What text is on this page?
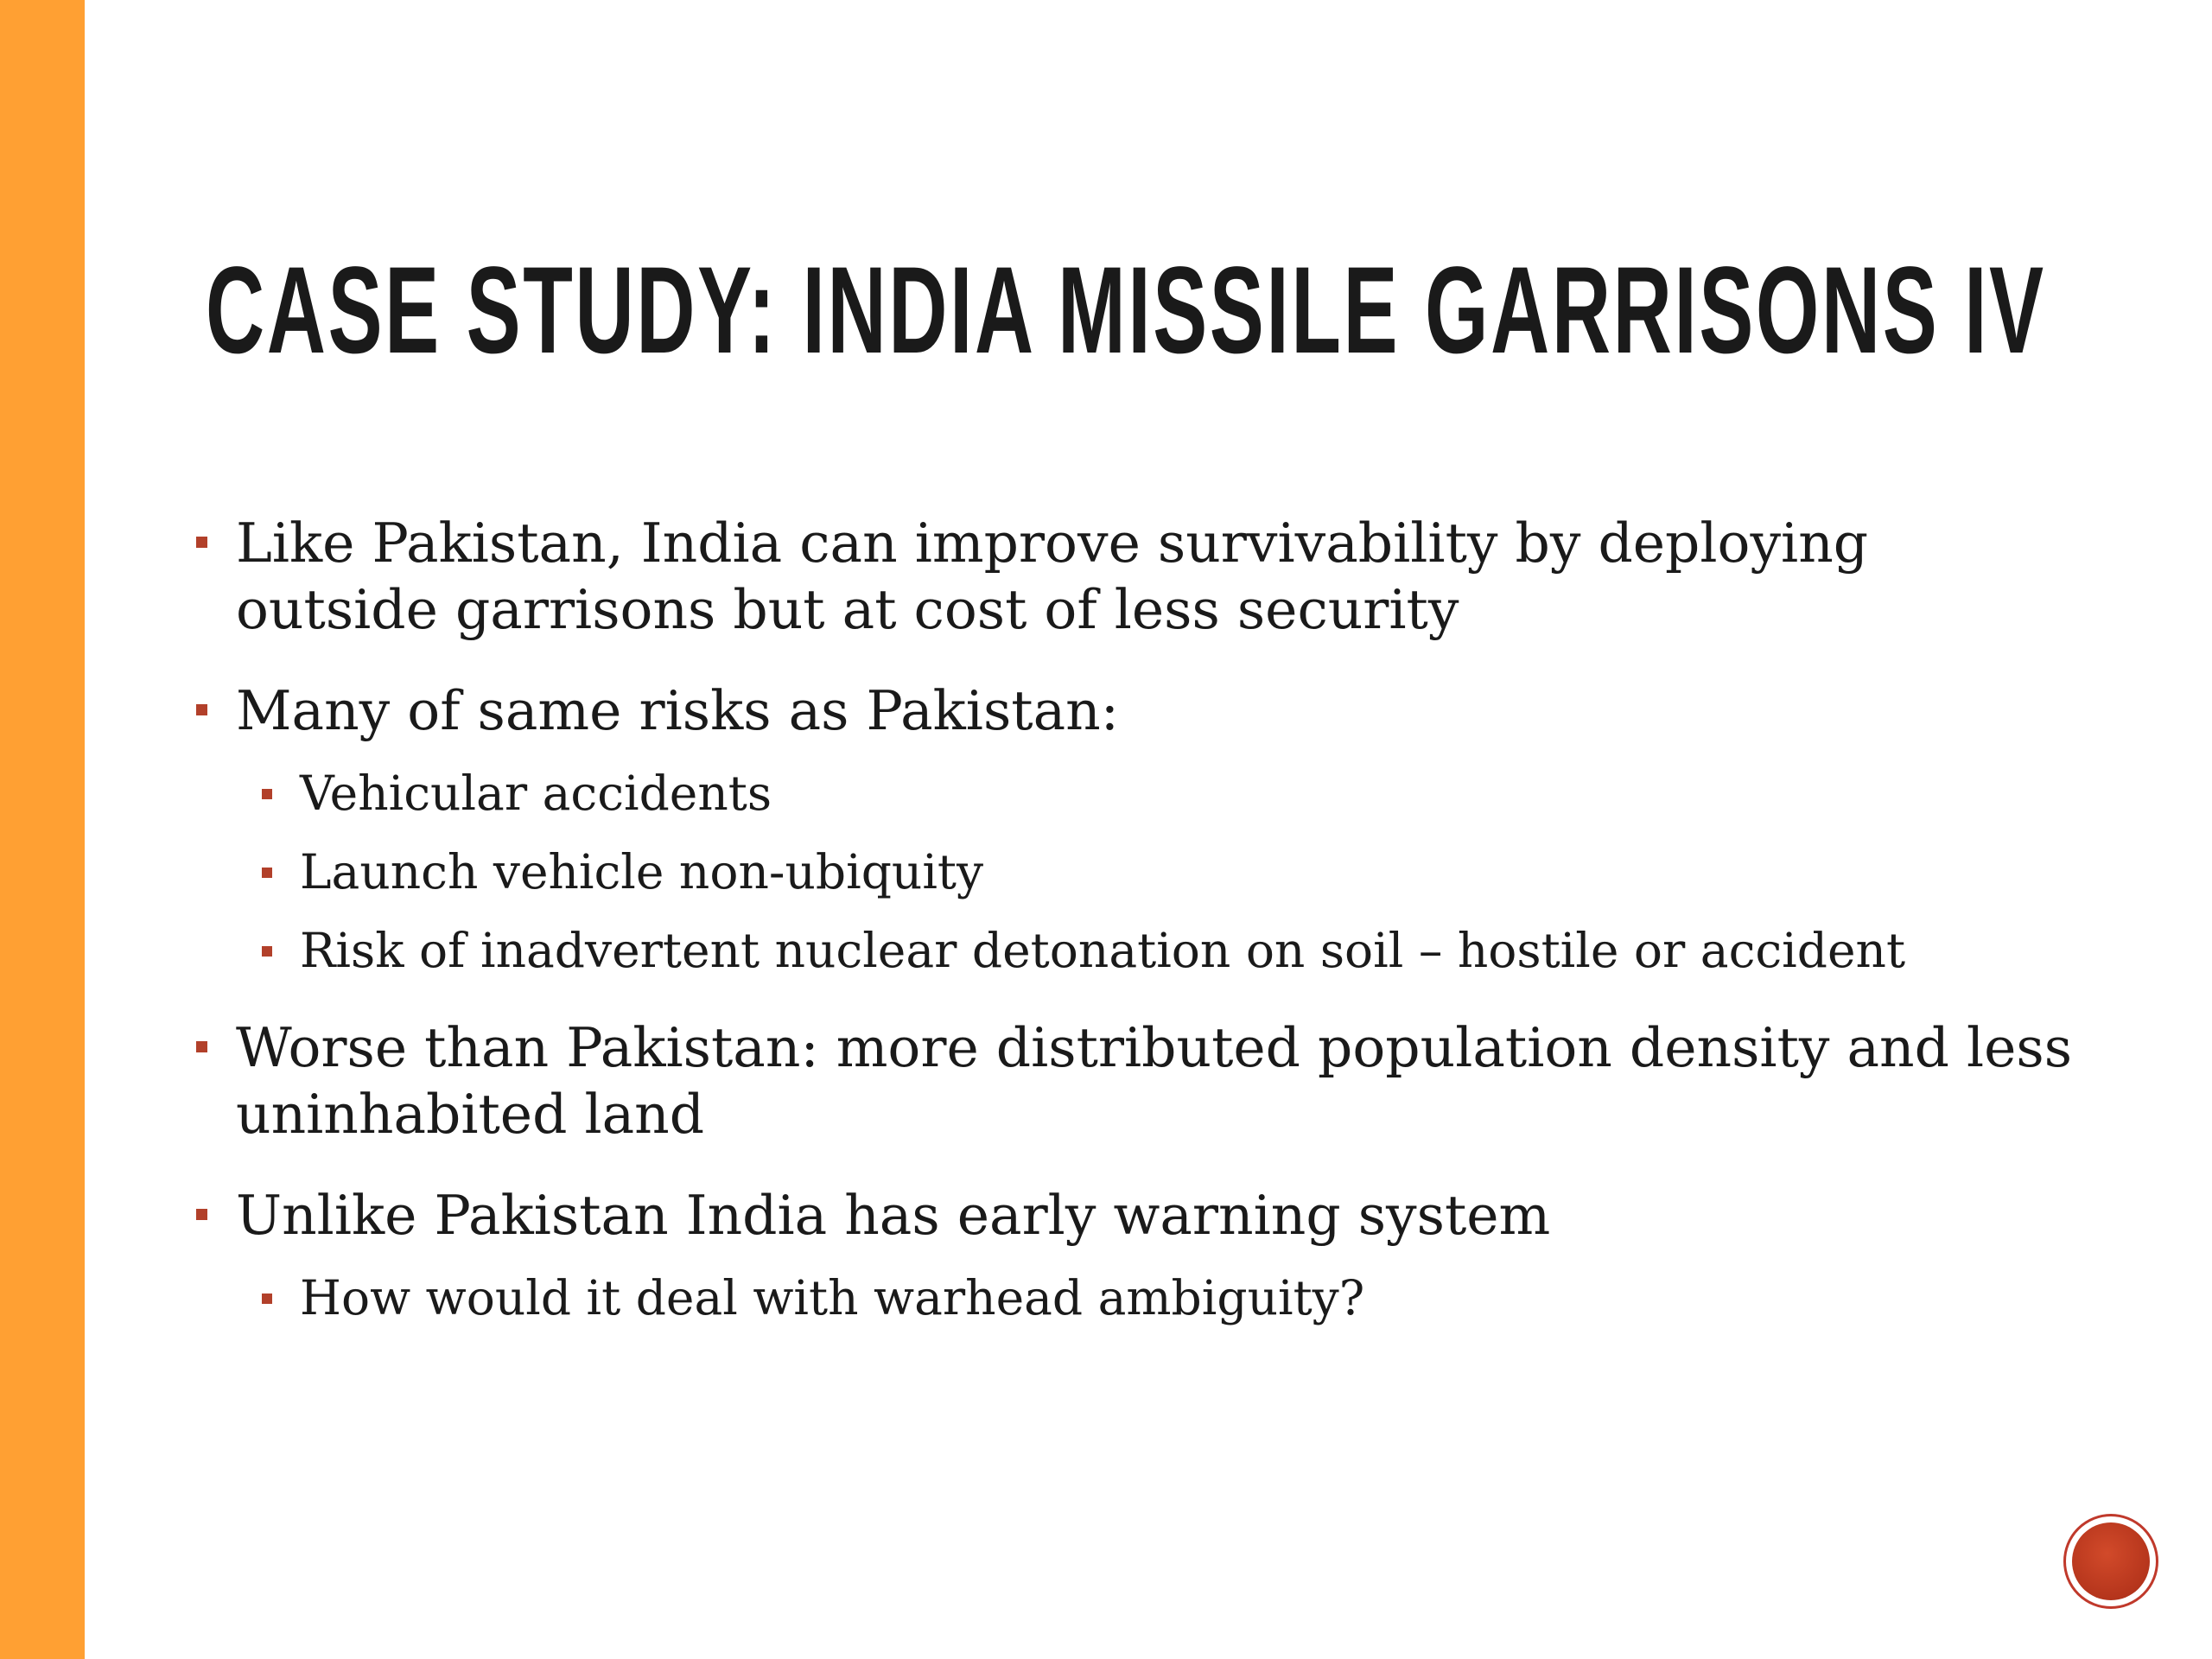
CASE STUDY: INDIA MISSILE GARRISONS IV
Like Pakistan, India can improve survivability by deploying outside garrisons but at cost of less security
Many of same risks as Pakistan:
Vehicular accidents
Launch vehicle non-ubiquity
Risk of inadvertent nuclear detonation on soil – hostile or accident
Worse than Pakistan: more distributed population density and less uninhabited land
Unlike Pakistan India has early warning system
How would it deal with warhead ambiguity?
